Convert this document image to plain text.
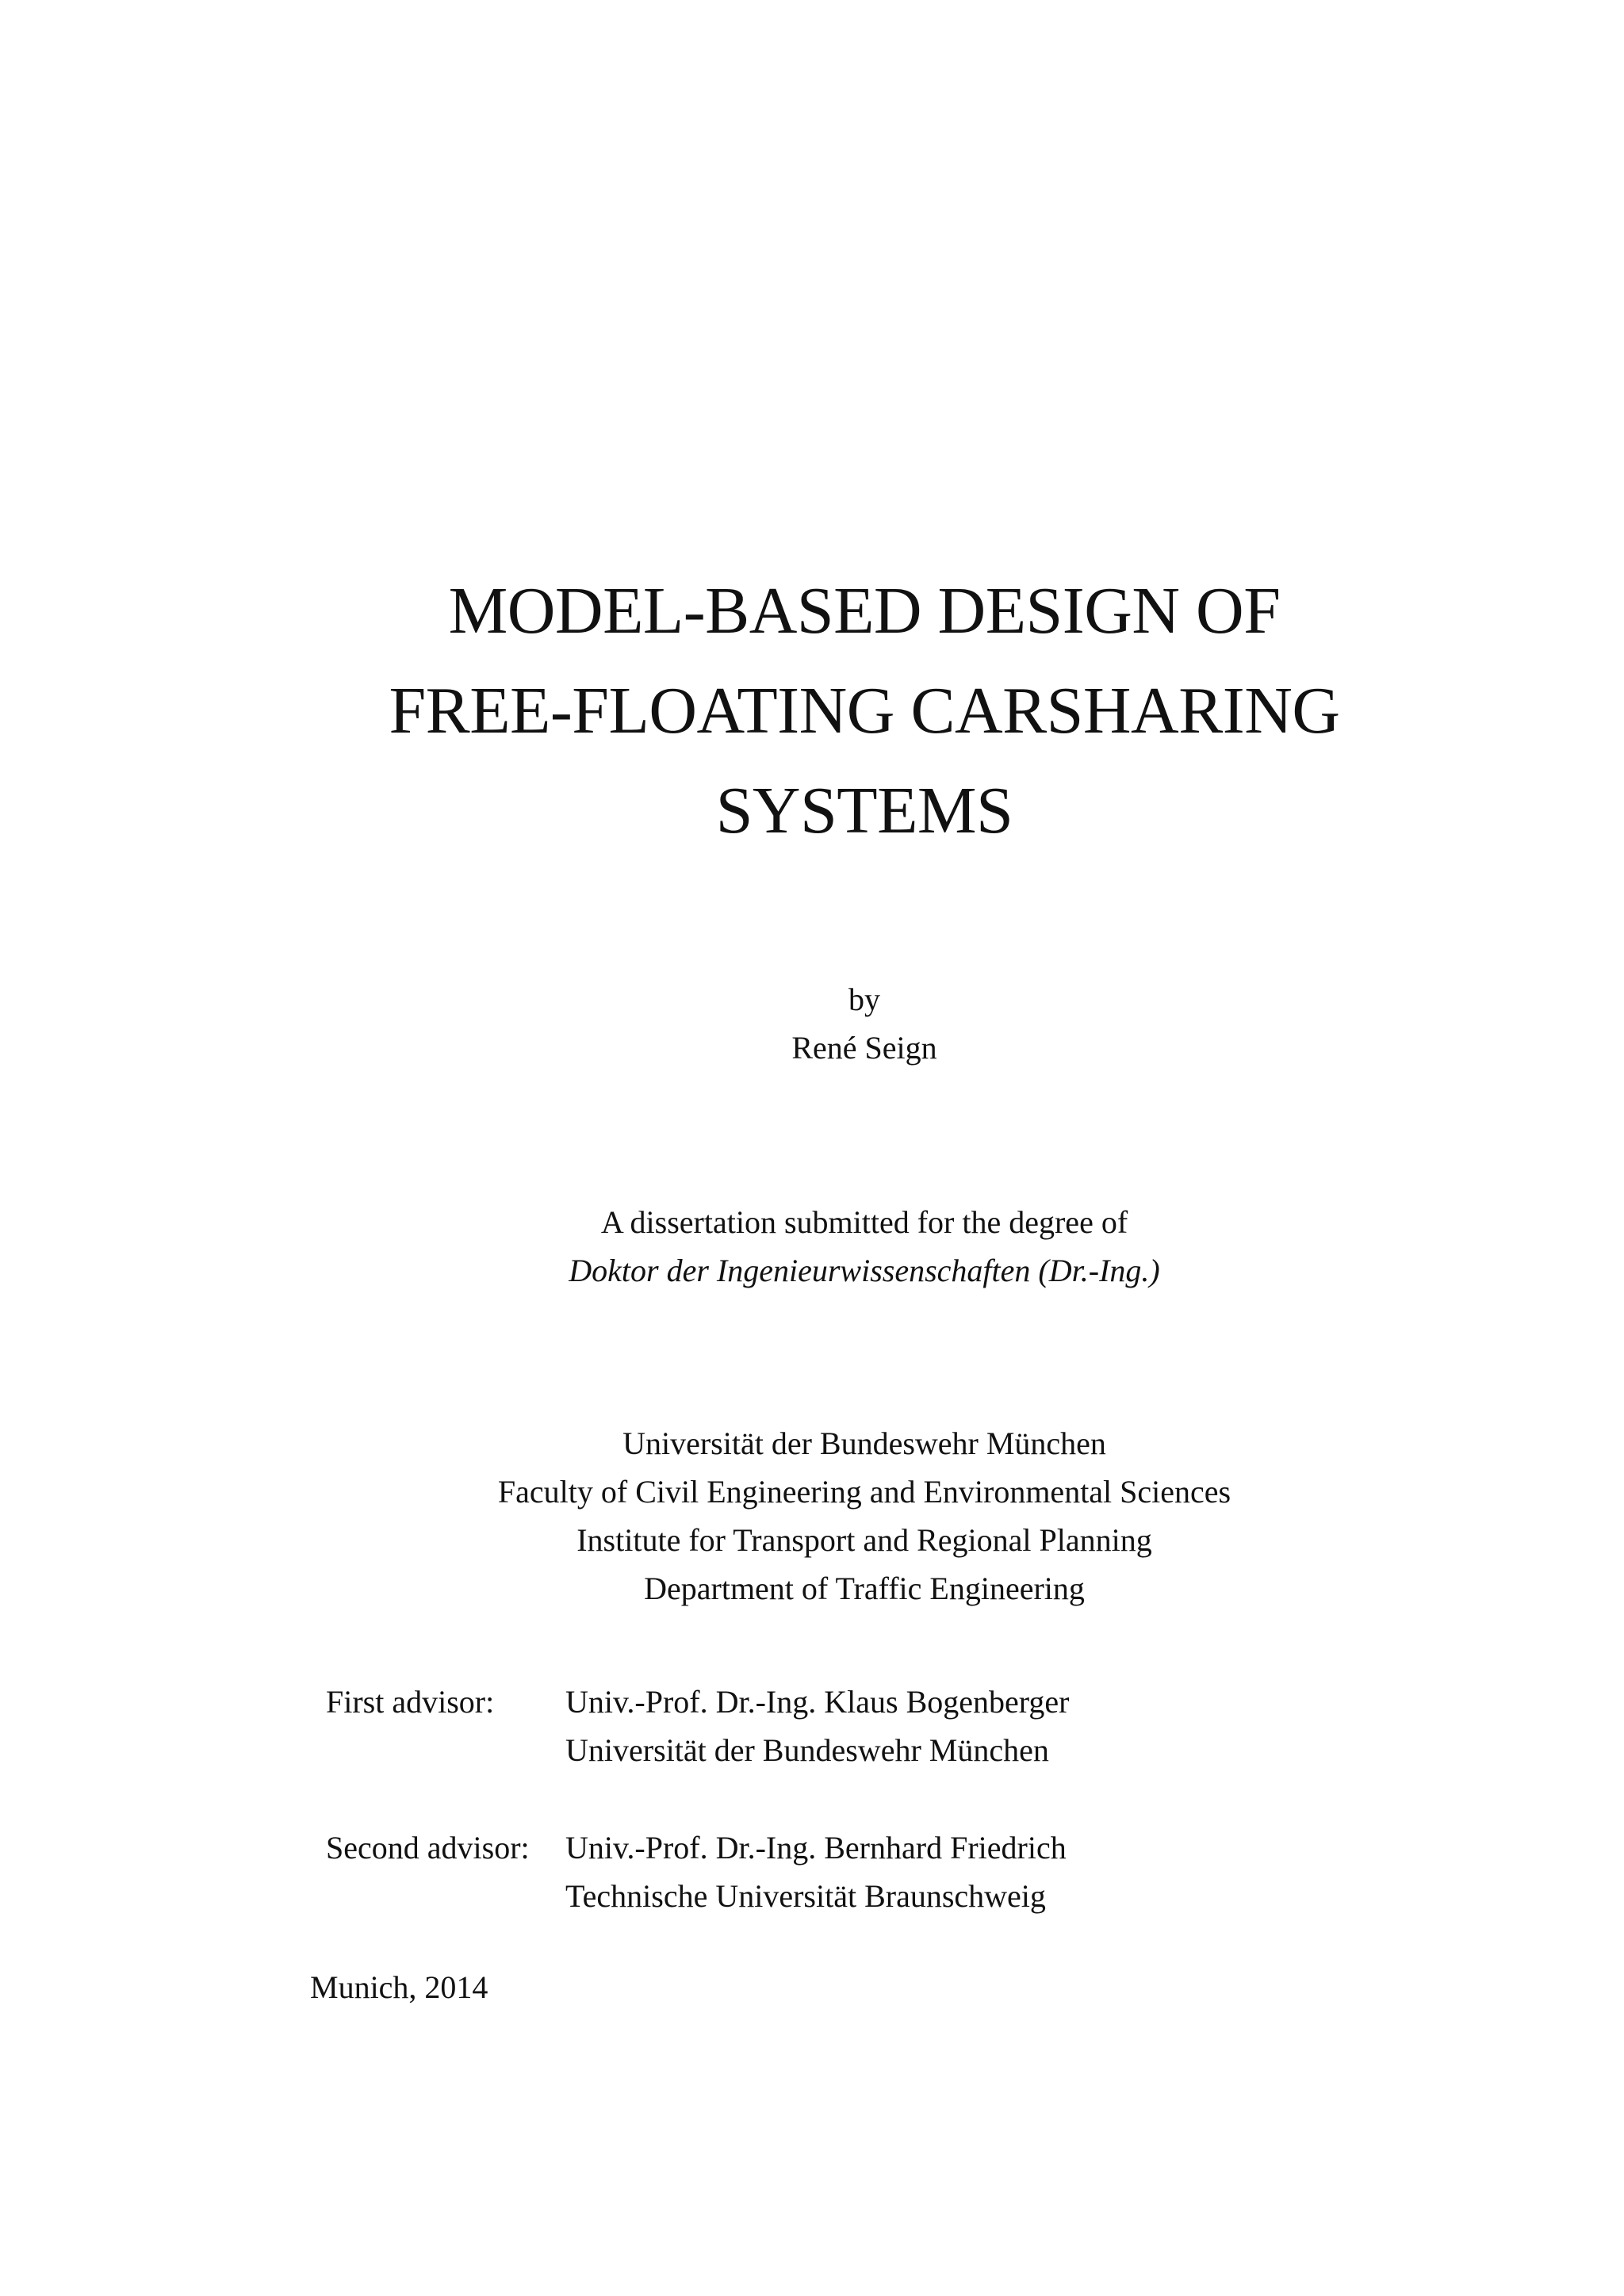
MODEL-BASED DESIGN OF
FREE-FLOATING CARSHARING
SYSTEMS
by
René Seign
A dissertation submitted for the degree of
Doktor der Ingenieurwissenschaften (Dr.-Ing.)
Universität der Bundeswehr München
Faculty of Civil Engineering and Environmental Sciences
Institute for Transport and Regional Planning
Department of Traffic Engineering
First advisor: Univ.-Prof. Dr.-Ing. Klaus Bogenberger
Universität der Bundeswehr München
Second advisor: Univ.-Prof. Dr.-Ing. Bernhard Friedrich
Technische Universität Braunschweig
Munich, 2014
